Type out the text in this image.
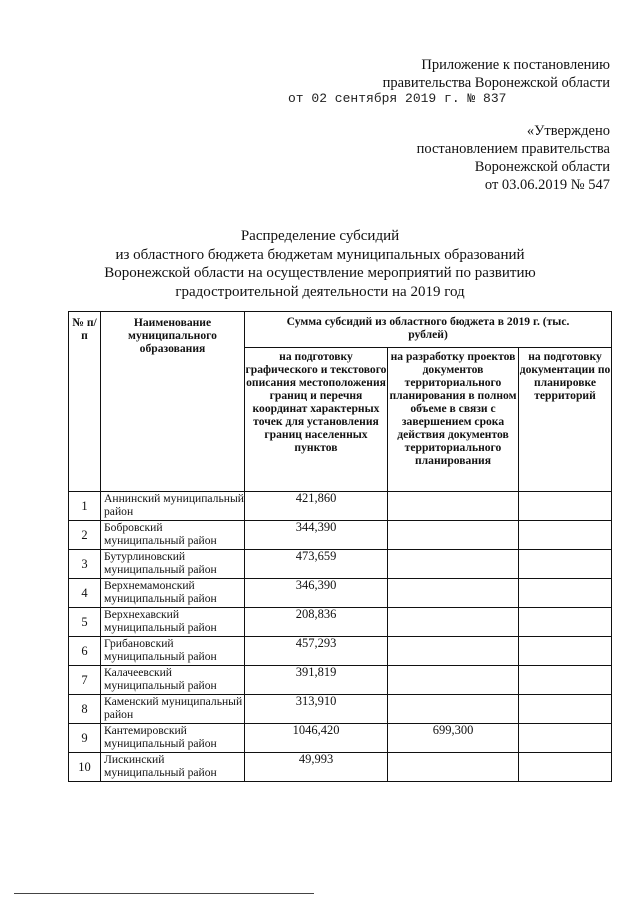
Приложение к постановлению
правительства Воронежской области
от 02 сентября 2019 г. № 837
«Утверждено
постановлением правительства
Воронежской области
от 03.06.2019 № 547
Распределение субсидий
из областного бюджета бюджетам муниципальных образований
Воронежской области на осуществление мероприятий по развитию
градостроительной деятельности на 2019 год
№ п/п	Наименование муниципального образования	Сумма субсидий из областного бюджета в 2019 г. (тыс. рублей)		
		на подготовку графического и текстового описания местоположения границ и перечня координат характерных точек для установления границ населенных пунктов	на разработку проектов документов территориального планирования в полном объеме в связи с завершением срока действия документов территориального планирования	на подготовку документации по планировке территорий
1	Аннинский муниципальный район	421,860		
2	Бобровский муниципальный район	344,390		
3	Бутурлиновский муниципальный район	473,659		
4	Верхнемамонский муниципальный район	346,390		
5	Верхнехавский муниципальный район	208,836		
6	Грибановский муниципальный район	457,293		
7	Калачеевский муниципальный район	391,819		
8	Каменский муниципальный район	313,910		
9	Кантемировский муниципальный район	1046,420	699,300	
10	Лискинский муниципальный район	49,993		
